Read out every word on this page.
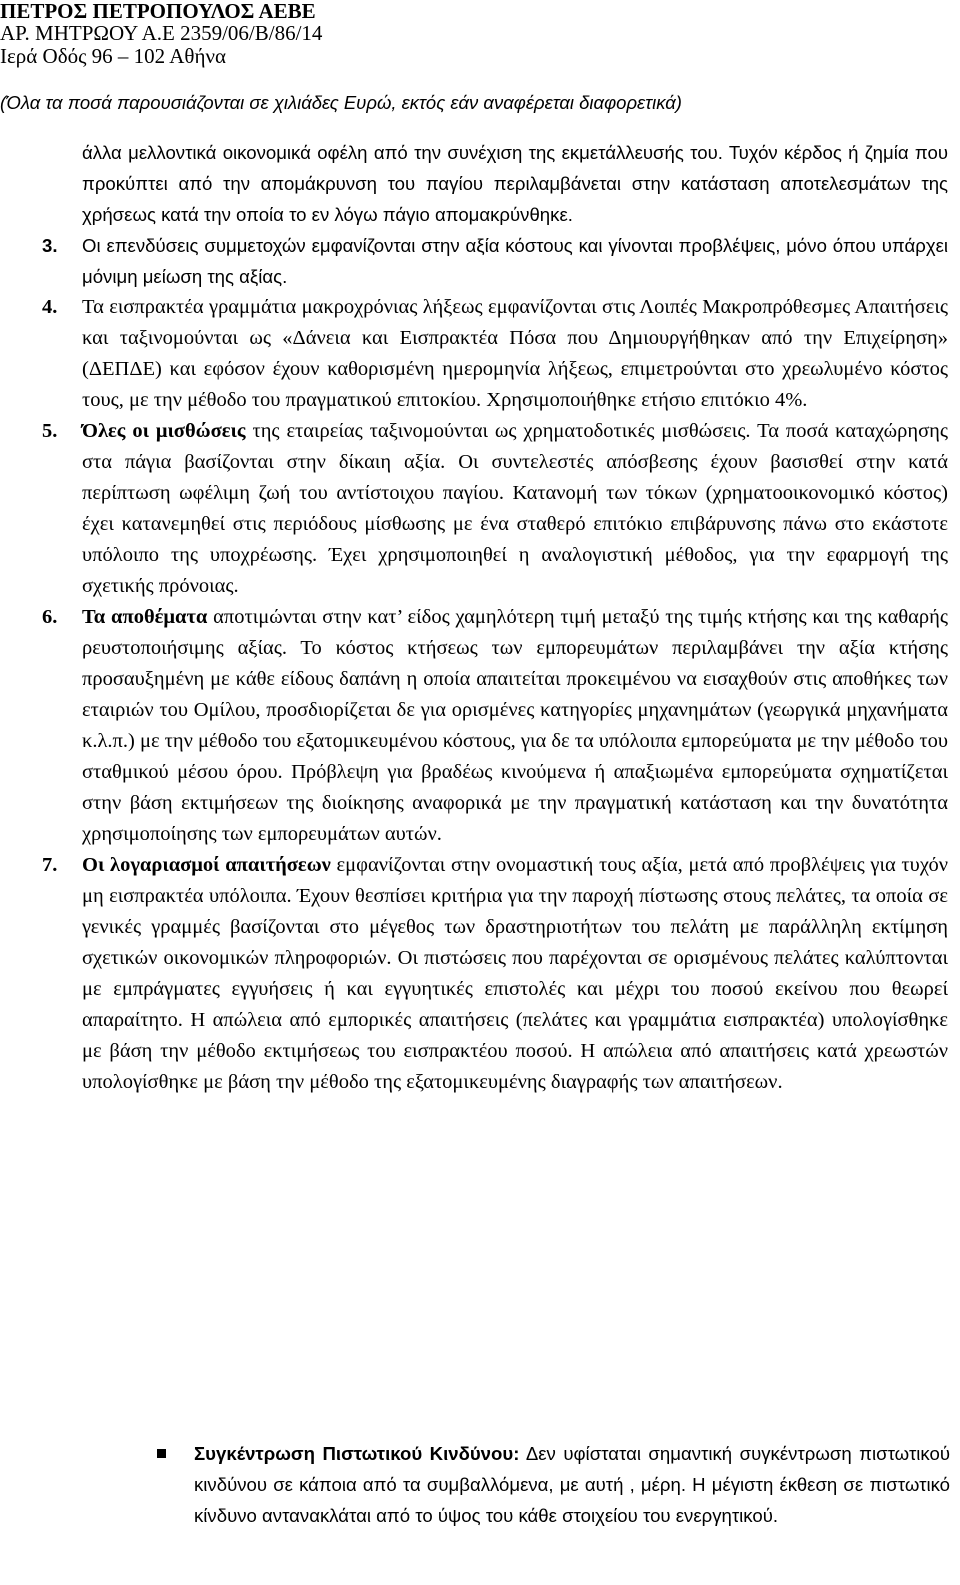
ΠΕΤΡΟΣ ΠΕΤΡΟΠΟΥΛΟΣ ΑΕΒΕ
ΑΡ. ΜΗΤΡΩΟΥ Α.Ε 2359/06/Β/86/14
Ιερά Οδός 96 – 102 Αθήνα
(Όλα τα ποσά παρουσιάζονται σε χιλιάδες Ευρώ, εκτός εάν αναφέρεται διαφορετικά)

άλλα μελλοντικά οικονομικά οφέλη από την συνέχιση της εκμετάλλευσής του. Τυχόν κέρδος ή ζημία που προκύπτει από την απομάκρυνση του παγίου περιλαμβάνεται στην κατάσταση αποτελεσμάτων της χρήσεως κατά την οποία το εν λόγω πάγιο απομακρύνθηκε.

3. Οι επενδύσεις συμμετοχών εμφανίζονται στην αξία κόστους και γίνονται προβλέψεις, μόνο όπου υπάρχει μόνιμη μείωση της αξίας.

4. Τα εισπρακτέα γραμμάτια μακροχρόνιας λήξεως εμφανίζονται στις Λοιπές Μακροπρόθεσμες Απαιτήσεις και ταξινομούνται ως «Δάνεια και Εισπρακτέα Πόσα που Δημιουργήθηκαν από την Επιχείρηση» (ΔΕΠΔΕ) και εφόσον έχουν καθορισμένη ημερομηνία λήξεως, επιμετρούνται στο χρεωλυμένο κόστος τους, με την μέθοδο του πραγματικού επιτοκίου. Χρησιμοποιήθηκε ετήσιο επιτόκιο 4%.

5. Όλες οι μισθώσεις της εταιρείας ταξινομούνται ως χρηματοδοτικές μισθώσεις. Τα ποσά καταχώρησης στα πάγια βασίζονται στην δίκαιη αξία. Οι συντελεστές απόσβεσης έχουν βασισθεί στην κατά περίπτωση ωφέλιμη ζωή του αντίστοιχου παγίου. Κατανομή των τόκων (χρηματοοικονομικό κόστος) έχει κατανεμηθεί στις περιόδους μίσθωσης με ένα σταθερό επιτόκιο επιβάρυνσης πάνω στο εκάστοτε υπόλοιπο της υποχρέωσης. Έχει χρησιμοποιηθεί η αναλογιστική μέθοδος, για την εφαρμογή της σχετικής πρόνοιας.

6. Τα αποθέματα αποτιμώνται στην κατ’ είδος χαμηλότερη τιμή μεταξύ της τιμής κτήσης και της καθαρής ρευστοποιήσιμης αξίας. Το κόστος κτήσεως των εμπορευμάτων περιλαμβάνει την αξία κτήσης προσαυξημένη με κάθε είδους δαπάνη η οποία απαιτείται προκειμένου να εισαχθούν στις αποθήκες των εταιριών του Ομίλου, προσδιορίζεται δε για ορισμένες κατηγορίες μηχανημάτων (γεωργικά μηχανήματα κ.λ.π.) με την μέθοδο του εξατομικευμένου κόστους, για δε τα υπόλοιπα εμπορεύματα με την μέθοδο του σταθμικού μέσου όρου. Πρόβλεψη για βραδέως κινούμενα ή απαξιωμένα εμπορεύματα σχηματίζεται στην βάση εκτιμήσεων της διοίκησης αναφορικά με την πραγματική κατάσταση και την δυνατότητα χρησιμοποίησης των εμπορευμάτων αυτών.

7. Οι λογαριασμοί απαιτήσεων εμφανίζονται στην ονομαστική τους αξία, μετά από προβλέψεις για τυχόν μη εισπρακτέα υπόλοιπα. Έχουν θεσπίσει κριτήρια για την παροχή πίστωσης στους πελάτες, τα οποία σε γενικές γραμμές βασίζονται στο μέγεθος των δραστηριοτήτων του πελάτη με παράλληλη εκτίμηση σχετικών οικονομικών πληροφοριών. Οι πιστώσεις που παρέχονται σε ορισμένους πελάτες καλύπτονται με εμπράγματες εγγυήσεις ή και εγγυητικές επιστολές και μέχρι του ποσού εκείνου που θεωρεί απαραίτητο. Η απώλεια από εμπορικές απαιτήσεις (πελάτες και γραμμάτια εισπρακτέα) υπολογίσθηκε με βάση την μέθοδο εκτιμήσεως του εισπρακτέου ποσού. Η απώλεια από απαιτήσεις κατά χρεωστών υπολογίσθηκε με βάση την μέθοδο της εξατομικευμένης διαγραφής των απαιτήσεων.

Συγκέντρωση Πιστωτικού Κινδύνου: Δεν υφίσταται σημαντική συγκέντρωση πιστωτικού κινδύνου σε κάποια από τα συμβαλλόμενα, με αυτή , μέρη. Η μέγιστη έκθεση σε πιστωτικό κίνδυνο αντανακλάται από το ύψος του κάθε στοιχείου του ενεργητικού.
